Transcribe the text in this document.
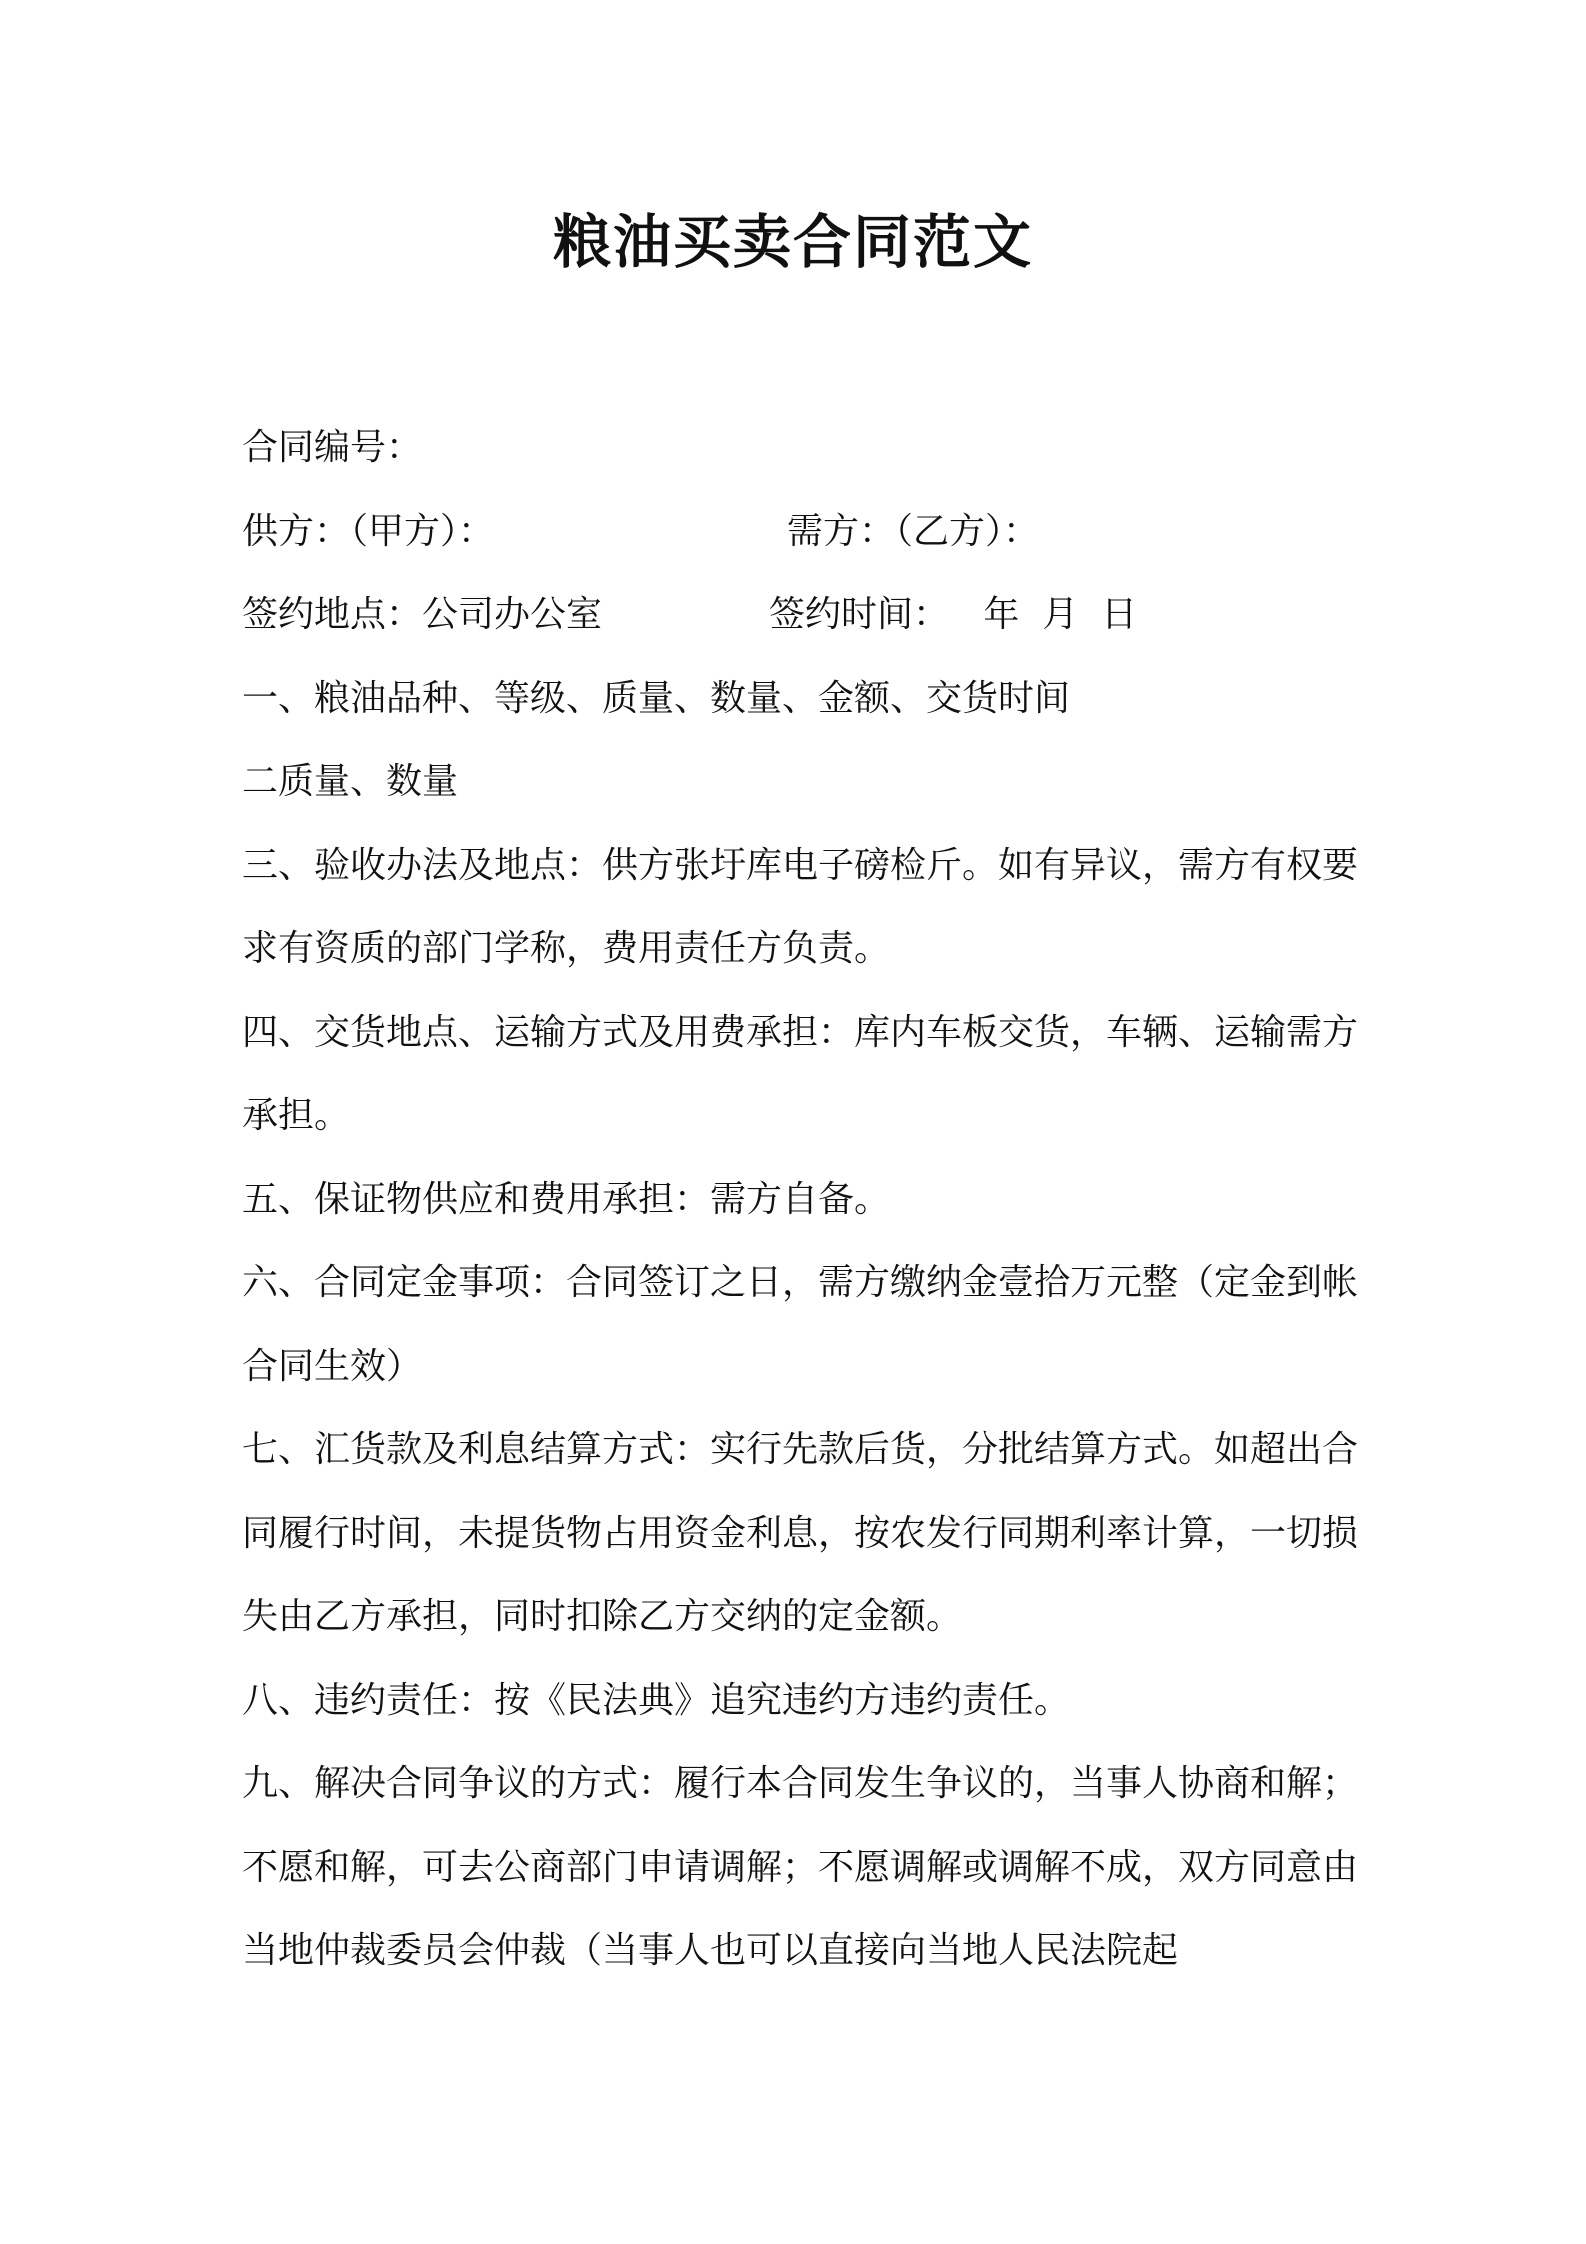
粮油买卖合同范文
合同编号：
供方：（甲方）：	需方：（乙方）：
签约地点：公司办公室	签约时间：   年  月  日
一、粮油品种、等级、质量、数量、金额、交货时间
二质量、数量
三、验收办法及地点：供方张圩库电子磅检斤。如有异议，需方有权要求有资质的部门学称，费用责任方负责。
四、交货地点、运输方式及用费承担：库内车板交货，车辆、运输需方承担。
五、保证物供应和费用承担：需方自备。
六、合同定金事项：合同签订之日，需方缴纳金壹拾万元整（定金到帐合同生效）
七、汇货款及利息结算方式：实行先款后货，分批结算方式。如超出合同履行时间，未提货物占用资金利息，按农发行同期利率计算，一切损失由乙方承担，同时扣除乙方交纳的定金额。
八、违约责任：按《民法典》追究违约方违约责任。
九、解决合同争议的方式：履行本合同发生争议的，当事人协商和解；不愿和解，可去公商部门申请调解；不愿调解或调解不成，双方同意由当地仲裁委员会仲裁（当事人也可以直接向当地人民法院起
